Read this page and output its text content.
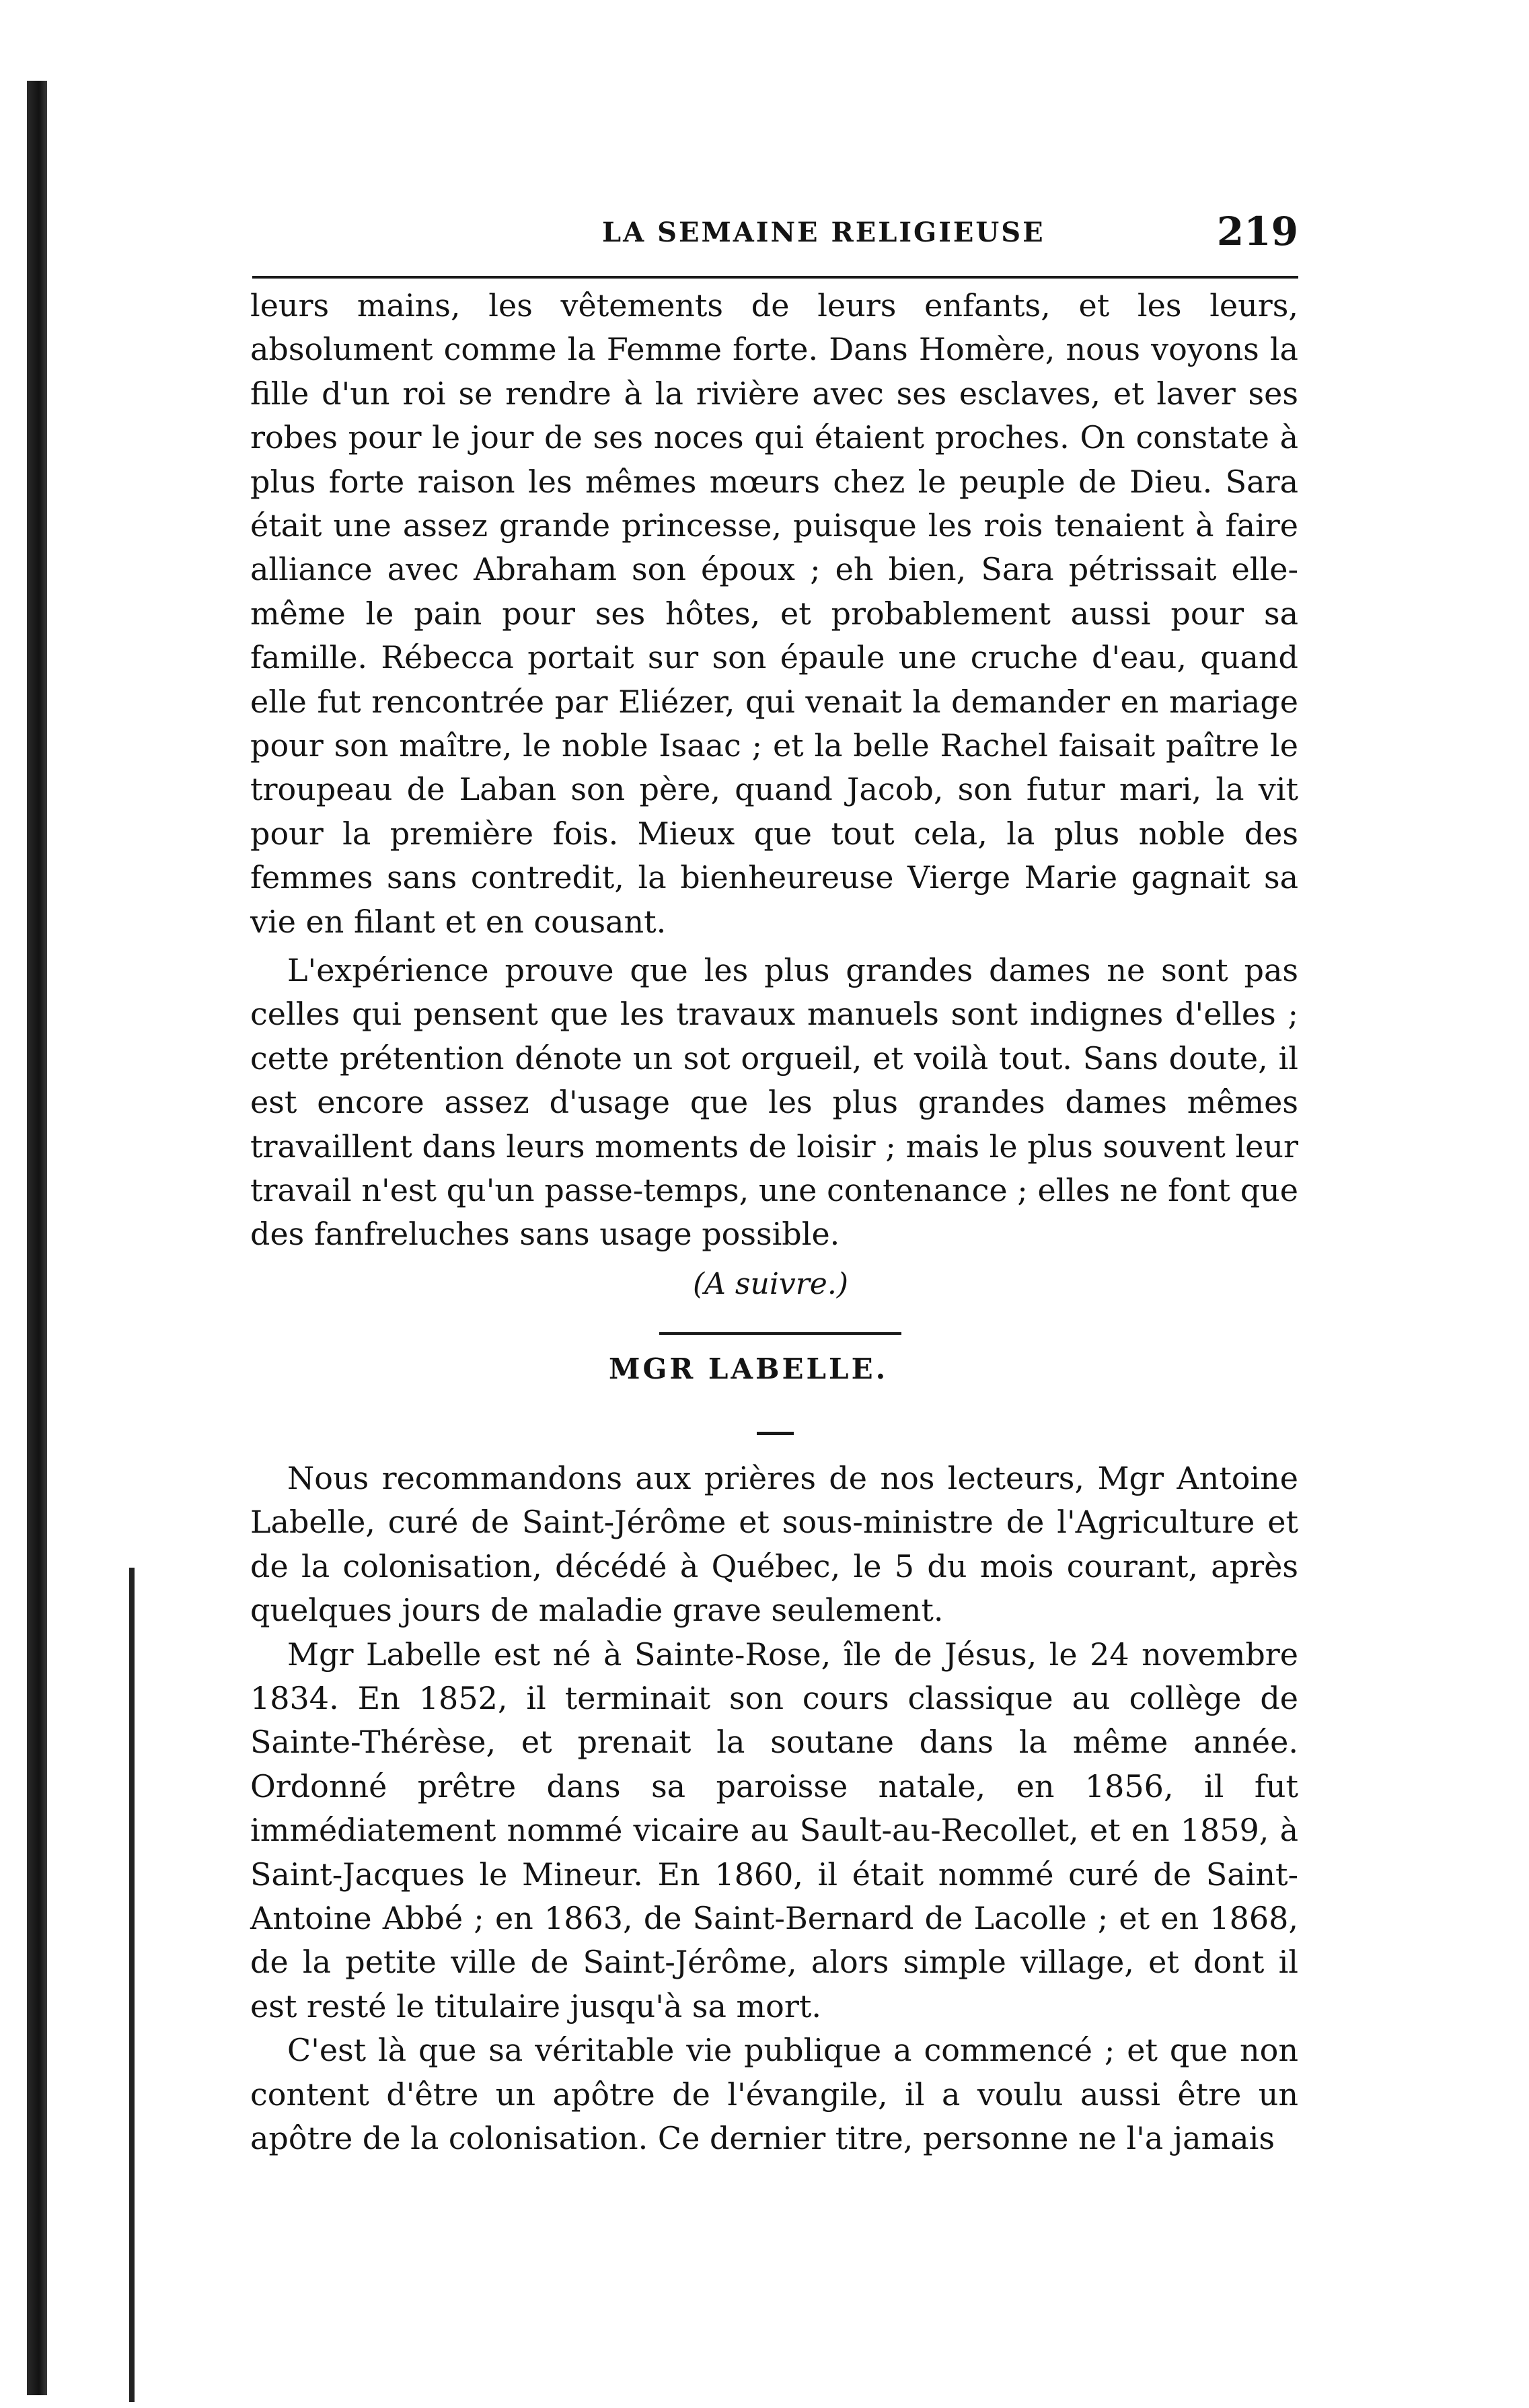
LA SEMAINE RELIGIEUSE	219

leurs mains, les vêtements de leurs enfants, et les leurs, absolument comme la Femme forte. Dans Homère, nous voyons la fille d'un roi se rendre à la rivière avec ses esclaves, et laver ses robes pour le jour de ses noces qui étaient proches. On constate à plus forte raison les mêmes mœurs chez le peuple de Dieu. Sara était une assez grande princesse, puisque les rois tenaient à faire alliance avec Abraham son époux ; eh bien, Sara pétrissait elle-même le pain pour ses hôtes, et probablement aussi pour sa famille. Rébecca portait sur son épaule une cruche d'eau, quand elle fut rencontrée par Eliézer, qui venait la demander en mariage pour son maître, le noble Isaac ; et la belle Rachel faisait paître le troupeau de Laban son père, quand Jacob, son futur mari, la vit pour la première fois. Mieux que tout cela, la plus noble des femmes sans contredit, la bienheureuse Vierge Marie gagnait sa vie en filant et en cousant.

L'expérience prouve que les plus grandes dames ne sont pas celles qui pensent que les travaux manuels sont indignes d'elles ; cette prétention dénote un sot orgueil, et voilà tout. Sans doute, il est encore assez d'usage que les plus grandes dames mêmes travaillent dans leurs moments de loisir ; mais le plus souvent leur travail n'est qu'un passe-temps, une contenance ; elles ne font que des fanfreluches sans usage possible.

(A suivre.)
MGR LABELLE.

Nous recommandons aux prières de nos lecteurs, Mgr Antoine Labelle, curé de Saint-Jérôme et sous-ministre de l'Agriculture et de la colonisation, décédé à Québec, le 5 du mois courant, après quelques jours de maladie grave seulement.

Mgr Labelle est né à Sainte-Rose, île de Jésus, le 24 novembre 1834. En 1852, il terminait son cours classique au collège de Sainte-Thérèse, et prenait la soutane dans la même année. Ordonné prêtre dans sa paroisse natale, en 1856, il fut immédiatement nommé vicaire au Sault-au-Recollet, et en 1859, à Saint-Jacques le Mineur. En 1860, il était nommé curé de Saint-Antoine Abbé ; en 1863, de Saint-Bernard de Lacolle ; et en 1868, de la petite ville de Saint-Jérôme, alors simple village, et dont il est resté le titulaire jusqu'à sa mort.

C'est là que sa véritable vie publique a commencé ; et que non content d'être un apôtre de l'évangile, il a voulu aussi être un apôtre de la colonisation. Ce dernier titre, personne ne l'a jamais
